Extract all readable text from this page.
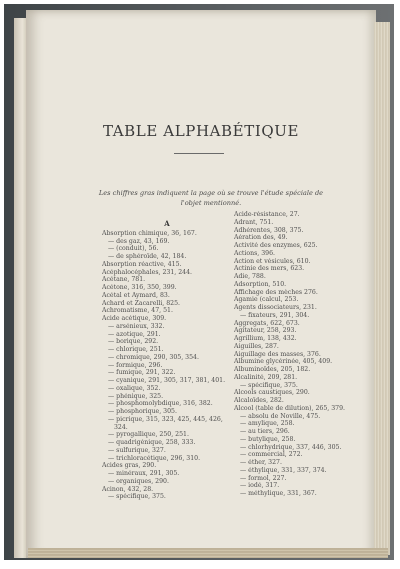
TABLE ALPHABÉTIQUE
Les chiffres gras indiquent la page où se trouve l'étude spéciale de l'objet mentionné.
A
Absorption chimique, 36, 167.
— des gaz, 43, 169.
— (conduit), 56.
— de sphéroïde, 42, 184.
Absorption réactive, 415.
Acéphalocéphales, 231, 244.
Acétane, 781.
Acétone, 316, 350, 399.
Acétal et Aymard, 83.
Achard et Zacarelli, 825.
Achromatisme, 47, 51.
Acide acétique, 309.
— arsénieux, 332.
— azotique, 291.
— borique, 292.
— chlorique, 251.
— chromique, 290, 305, 354.
— formique, 296.
— fumique, 291, 322.
— cyanique, 291, 305, 317, 381, 401.
— oxalique, 352.
— phénique, 325.
— phosphomolybdique, 316, 382.
— phosphorique, 305.
— picrique, 315, 323, 425, 445, 426,
324.
— pyrogallique, 250, 251.
— quadrigénique, 258, 333.
— sulfurique, 327.
— trichloracétique, 296, 310.
Acides gras, 290.
— minéraux, 291, 305.
— organiques, 290.
Acinon, 432, 28.
— spécifique, 375.
Acide-résistance, 27.
Adrant, 751.
Adhérentes, 308, 375.
Aération des, 49.
Activité des enzymes, 625.
Actions, 396.
Action et vésicules, 610.
Actinie des mers, 623.
Adie, 788.
Adsorption, 510.
Affichage des mèches 276.
Agamie (calcul, 253.
Agents dissociateurs, 231.
— fixateurs, 291, 304.
Aggregats, 622, 673.
Agitateur, 258, 293.
Agrillium, 138, 432.
Aiguilles, 287.
Aiguillage des masses, 376.
Albumine glycérinée, 405, 409.
Albuminoïdes, 205, 182.
Alcalinité, 209, 281.
— spécifique, 375.
Alcools caustiques, 290.
Alcaloïdes, 282.
Alcool (table de dilution), 265, 379.
— absolu de Noville, 475.
— amylique, 258.
— au tiers, 296.
— butylique, 258.
— chlorhydrique, 337, 446, 305.
— commercial, 272.
— éther, 327.
— éthylique, 331, 337, 374.
— formol, 227.
— iodé, 317.
— méthylique, 331, 367.
